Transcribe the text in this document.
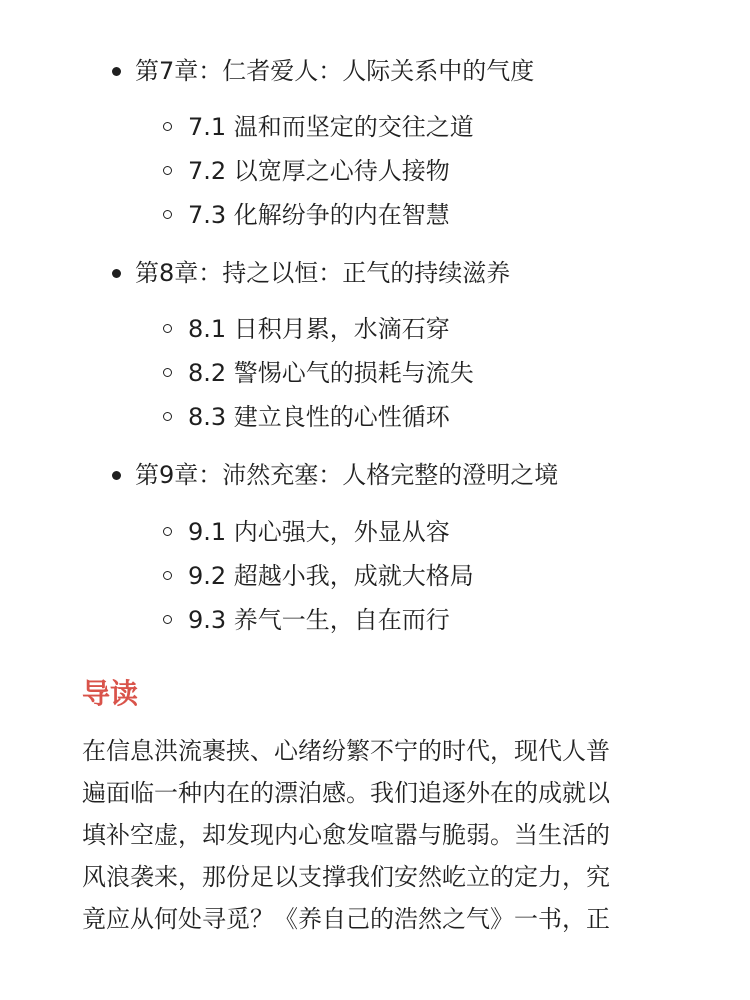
第7章：仁者爱人：人际关系中的气度
7.1 温和而坚定的交往之道
7.2 以宽厚之心待人接物
7.3 化解纷争的内在智慧
第8章：持之以恒：正气的持续滋养
8.1 日积月累，水滴石穿
8.2 警惕心气的损耗与流失
8.3 建立良性的心性循环
第9章：沛然充塞：人格完整的澄明之境
9.1 内心强大，外显从容
9.2 超越小我，成就大格局
9.3 养气一生，自在而行
导读
在信息洪流裹挟、心绪纷繁不宁的时代，现代人普
遍面临一种内在的漂泊感。我们追逐外在的成就以
填补空虚，却发现内心愈发喧嚣与脆弱。当生活的
风浪袭来，那份足以支撑我们安然屹立的定力，究
竟应从何处寻觅？《养自己的浩然之气》一书，正
